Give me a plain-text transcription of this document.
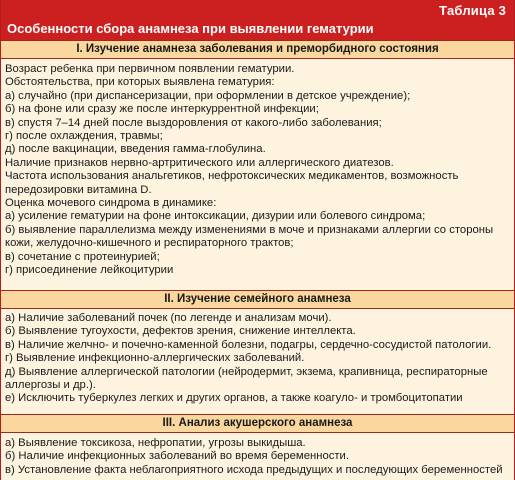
Таблица 3
Особенности сбора анамнеза при выявлении гематурии
I. Изучение анамнеза заболевания и преморбидного состояния
Возраст ребенка при первичном появлении гематурии.
Обстоятельства, при которых выявлена гематурия:
а) случайно (при диспансеризации, при оформлении в детское учреждение);
б) на фоне или сразу же после интеркуррентной инфекции;
в) спустя 7–14 дней после выздоровления от какого-либо заболевания;
г) после охлаждения, травмы;
д) после вакцинации, введения гамма-глобулина.
Наличие признаков нервно-артритического или аллергического диатезов.
Частота использования анальгетиков, нефротоксических медикаментов, возможность передозировки витамина D.
Оценка мочевого синдрома в динамике:
а) усиление гематурии на фоне интоксикации, дизурии или болевого синдрома;
б) выявление параллелизма между изменениями в моче и признаками аллергии со стороны кожи, желудочно-кишечного и респираторного трактов;
в) сочетание с протеинурией;
г) присоединение лейкоцитурии
II. Изучение семейного анамнеза
а) Наличие заболеваний почек (по легенде и анализам мочи).
б) Выявление тугоухости, дефектов зрения, снижение интеллекта.
в) Наличие желчно- и почечно-каменной болезни, подагры, сердечно-сосудистой патологии.
г) Выявление инфекционно-аллергических заболеваний.
д) Выявление аллергической патологии (нейродермит, экзема, крапивница, респираторные аллергозы и др.).
е) Исключить туберкулез легких и других органов, а также коагуло- и тромбоцитопатии
III. Анализ акушерского анамнеза
а) Выявление токсикоза, нефропатии, угрозы выкидыша.
б) Наличие инфекционных заболеваний во время беременности.
в) Установление факта неблагоприятного исхода предыдущих и последующих беременностей
